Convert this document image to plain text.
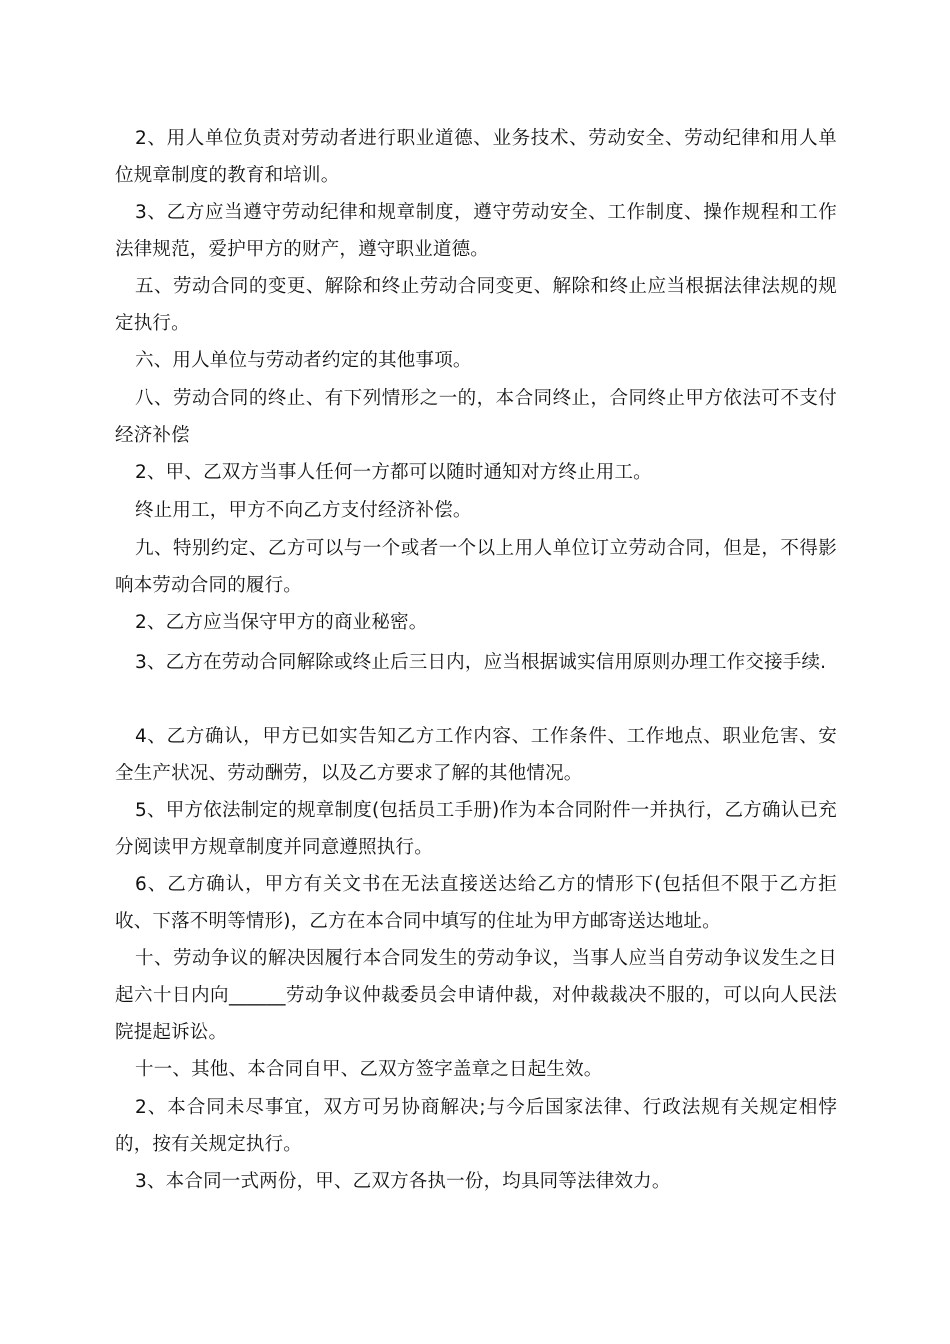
2、用人单位负责对劳动者进行职业道德、业务技术、劳动安全、劳动纪律和用人单位规章制度的教育和培训。

3、乙方应当遵守劳动纪律和规章制度，遵守劳动安全、工作制度、操作规程和工作法律规范，爱护甲方的财产，遵守职业道德。

五、劳动合同的变更、解除和终止劳动合同变更、解除和终止应当根据法律法规的规定执行。

六、用人单位与劳动者约定的其他事项。

八、劳动合同的终止、有下列情形之一的，本合同终止，合同终止甲方依法可不支付经济补偿

2、甲、乙双方当事人任何一方都可以随时通知对方终止用工。

终止用工，甲方不向乙方支付经济补偿。

九、特别约定、乙方可以与一个或者一个以上用人单位订立劳动合同，但是，不得影响本劳动合同的履行。

2、乙方应当保守甲方的商业秘密。

3、乙方在劳动合同解除或终止后三日内，应当根据诚实信用原则办理工作交接手续.

4、乙方确认，甲方已如实告知乙方工作内容、工作条件、工作地点、职业危害、安全生产状况、劳动酬劳，以及乙方要求了解的其他情况。

5、甲方依法制定的规章制度(包括员工手册)作为本合同附件一并执行，乙方确认已充分阅读甲方规章制度并同意遵照执行。

6、乙方确认，甲方有关文书在无法直接送达给乙方的情形下(包括但不限于乙方拒收、下落不明等情形)，乙方在本合同中填写的住址为甲方邮寄送达地址。

十、劳动争议的解决因履行本合同发生的劳动争议，当事人应当自劳动争议发生之日起六十日内向______劳动争议仲裁委员会申请仲裁，对仲裁裁决不服的，可以向人民法院提起诉讼。

十一、其他、本合同自甲、乙双方签字盖章之日起生效。

2、本合同未尽事宜，双方可另协商解决;与今后国家法律、行政法规有关规定相悖的，按有关规定执行。

3、本合同一式两份，甲、乙双方各执一份，均具同等法律效力。
